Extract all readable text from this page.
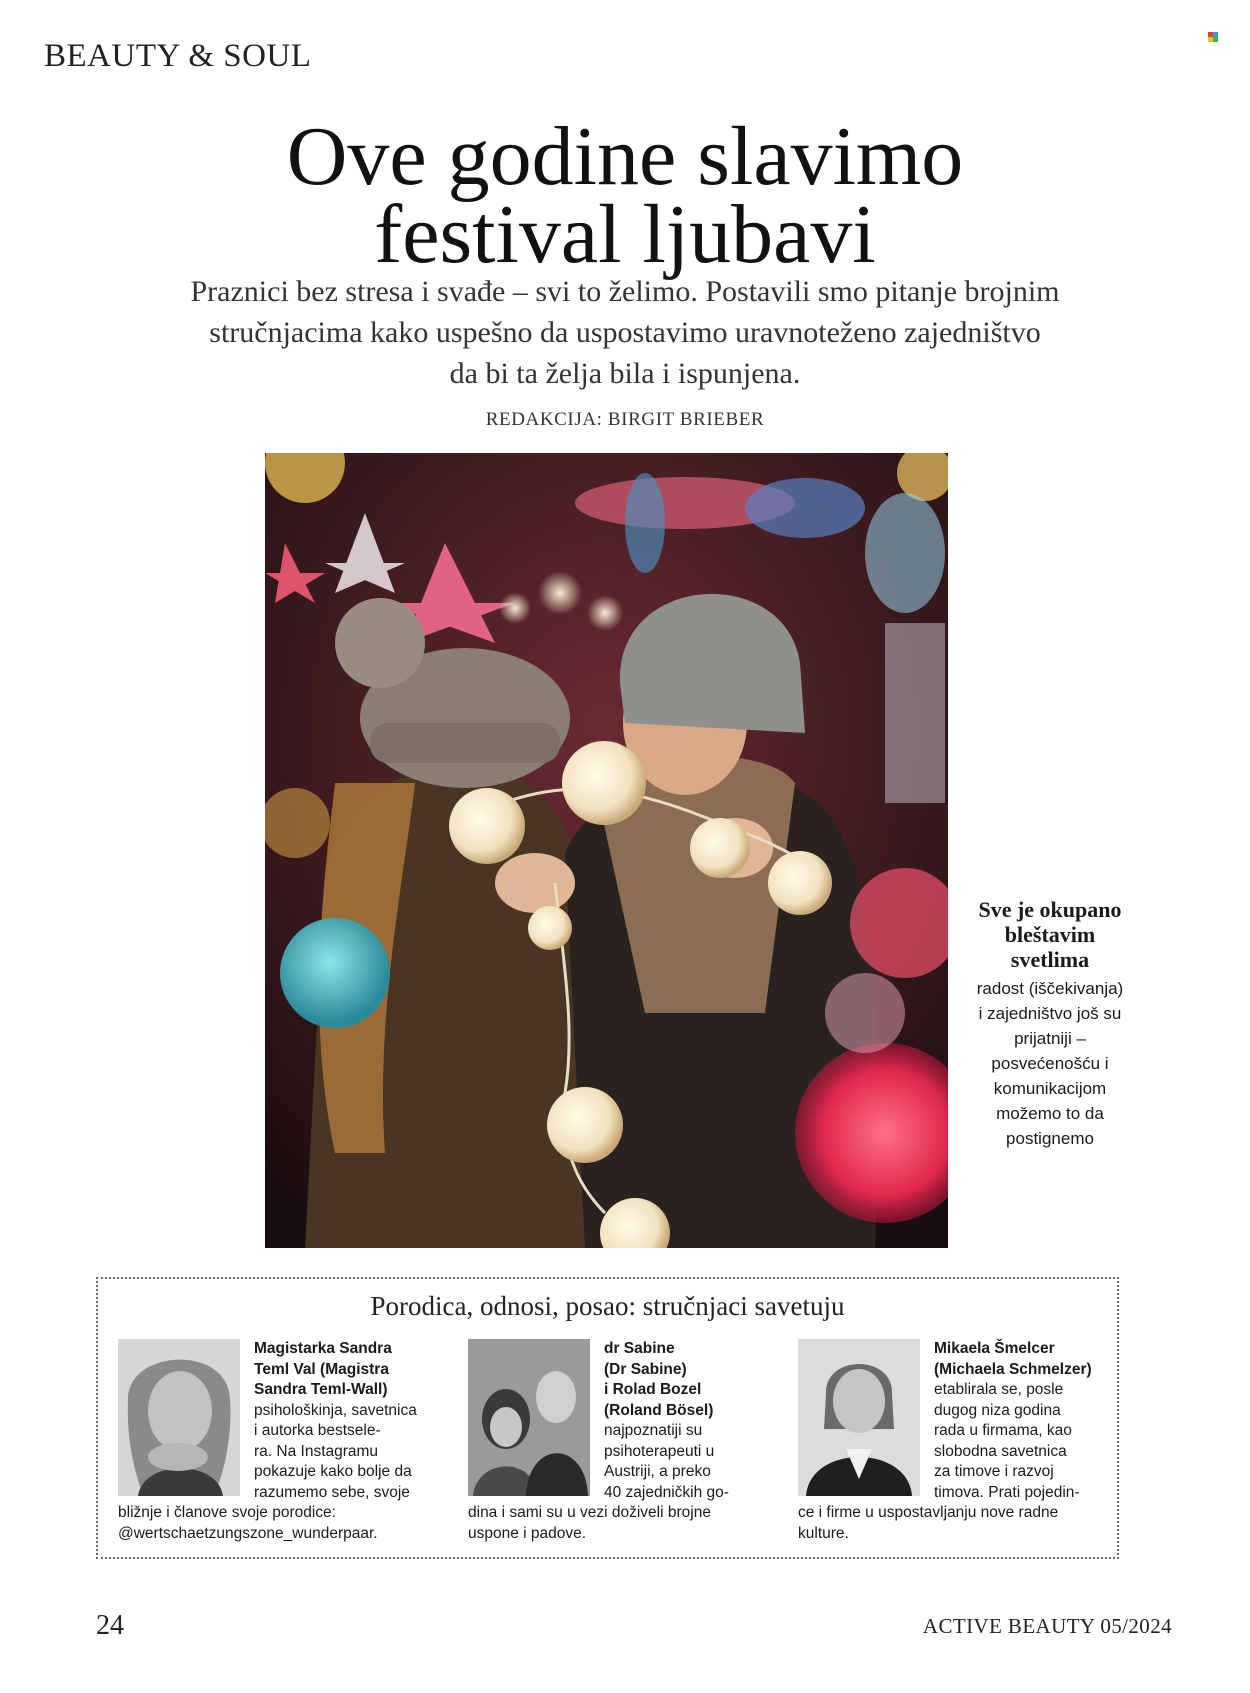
BEAUTY & SOUL
Ove godine slavimo
festival ljubavi
Praznici bez stresa i svađe – svi to želimo. Postavili smo pitanje brojnim
stručnjacima kako uspešno da uspostavimo uravnoteženo zajedništvo
da bi ta želja bila i ispunjena.
REDAKCIJA: BIRGIT BRIEBER
Sve je okupano
bleštavim
svetlima
radost (iščekivanja)
i zajedništvo još su
prijatniji –
posvećenošću i
komunikacijom
možemo to da
postignemo
Porodica, odnosi, posao: stručnjaci savetuju
Magistarka Sandra
Teml Val (Magistra
Sandra Teml-Wall)
psihološkinja, savetnica
i autorka bestsele-
ra. Na Instagramu
pokazuje kako bolje da
razumemo sebe, svoje
bližnje i članove svoje porodice:
@wertschaetzungszone_wunderpaar.
dr Sabine
(Dr Sabine)
i Rolad Bozel
(Roland Bösel)
najpoznatiji su
psihoterapeuti u
Austriji, a preko
40 zajedničkih go-
dina i sami su u vezi doživeli brojne
uspone i padove.
Mikaela Šmelcer
(Michaela Schmelzer)
etablirala se, posle
dugog niza godina
rada u firmama, kao
slobodna savetnica
za timove i razvoj
timova. Prati pojedin-
ce i firme u uspostavljanju nove radne
kulture.
24	ACTIVE BEAUTY 05/2024
